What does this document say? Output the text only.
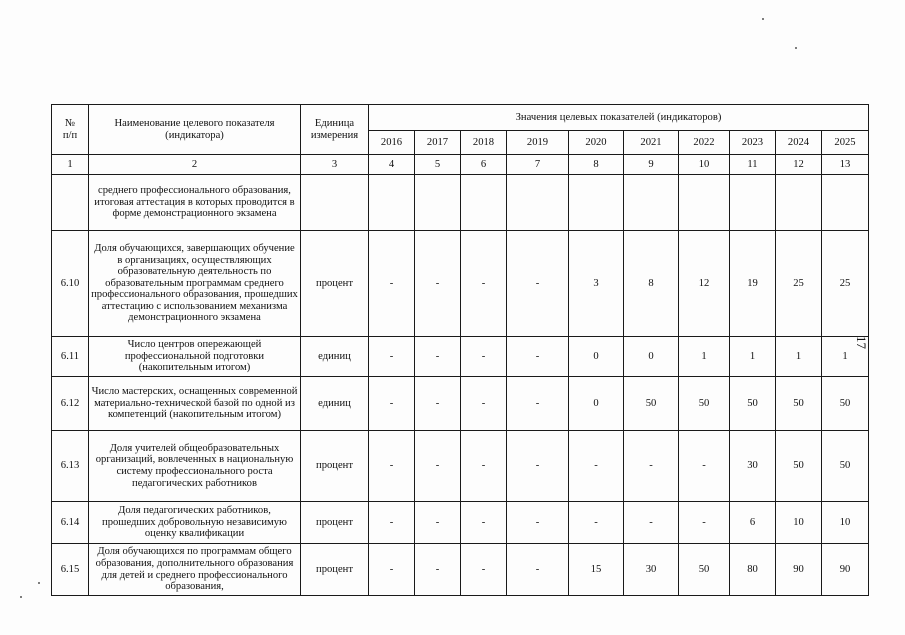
17
№
п/п	Наименование целевого показателя (индикатора)	Единица измерения	Значения целевых показателей (индикаторов)									
			2016	2017	2018	2019	2020	2021	2022	2023	2024	2025
1	2	3	4	5	6	7	8	9	10	11	12	13
	среднего профессионального образования, итоговая аттестация в которых проводится в форме демонстрационного экзамена											
6.10	Доля обучающихся, завершающих обучение в организациях, осуществляющих образовательную деятельность по образовательным программам среднего профессионального образования, прошедших аттестацию с использованием механизма демонстрационного экзамена	процент	-	-	-	-	3	8	12	19	25	25
6.11	Число центров опережающей профессиональной подготовки (накопительным итогом)	единиц	-	-	-	-	0	0	1	1	1	1
6.12	Число мастерских, оснащенных современной материально-технической базой по одной из компетенций (накопительным итогом)	единиц	-	-	-	-	0	50	50	50	50	50
6.13	Доля учителей общеобразовательных организаций, вовлеченных в национальную систему профессионального роста педагогических работников	процент	-	-	-	-	-	-	-	30	50	50
6.14	Доля педагогических работников, прошедших добровольную независимую оценку квалификации	процент	-	-	-	-	-	-	-	6	10	10
6.15	Доля обучающихся по программам общего образования, дополнительного образования для детей и среднего профессионального образования,	процент	-	-	-	-	15	30	50	80	90	90
